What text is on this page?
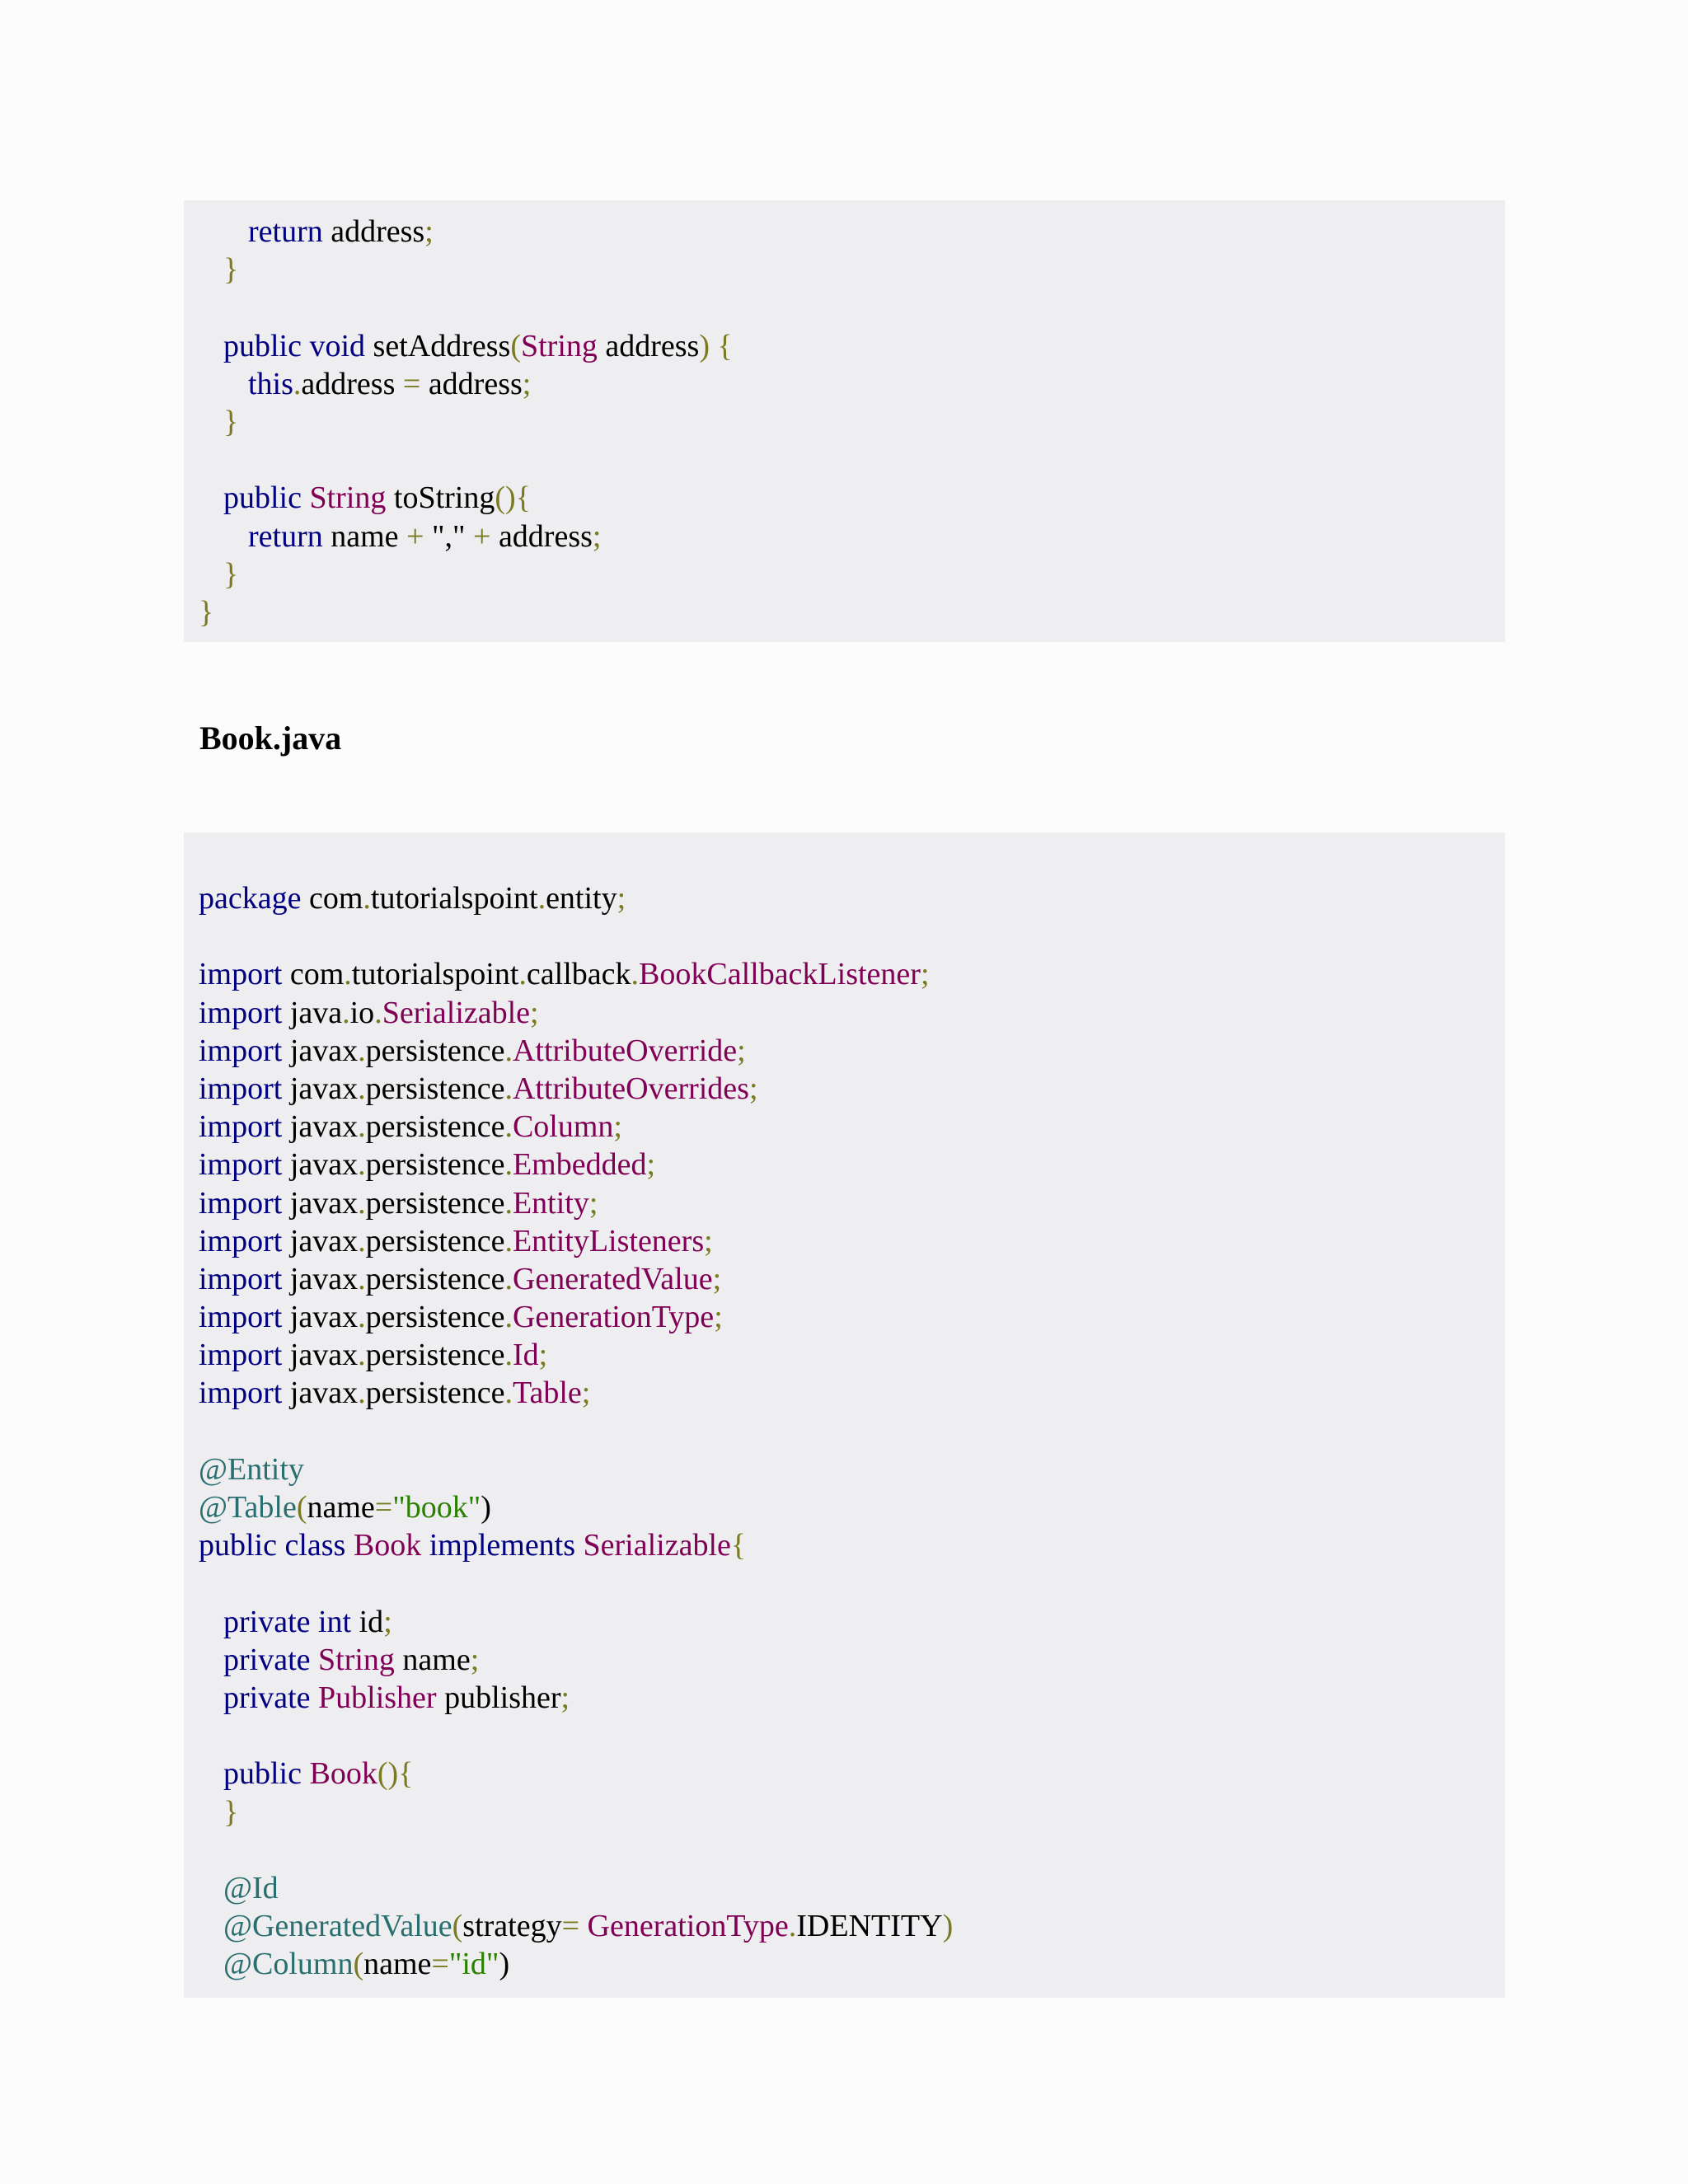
return address;
}
public void setAddress(String address) {
this.address = address;
}
public String toString(){
return name + "," + address;
}
}
Book.java
package com.tutorialspoint.entity;
import com.tutorialspoint.callback.BookCallbackListener;
import java.io.Serializable;
import javax.persistence.AttributeOverride;
import javax.persistence.AttributeOverrides;
import javax.persistence.Column;
import javax.persistence.Embedded;
import javax.persistence.Entity;
import javax.persistence.EntityListeners;
import javax.persistence.GeneratedValue;
import javax.persistence.GenerationType;
import javax.persistence.Id;
import javax.persistence.Table;
@Entity
@Table(name="book")
public class Book implements Serializable{
private int id;
private String name;
private Publisher publisher;
public Book(){
}
@Id
@GeneratedValue(strategy= GenerationType.IDENTITY)
@Column(name="id")
